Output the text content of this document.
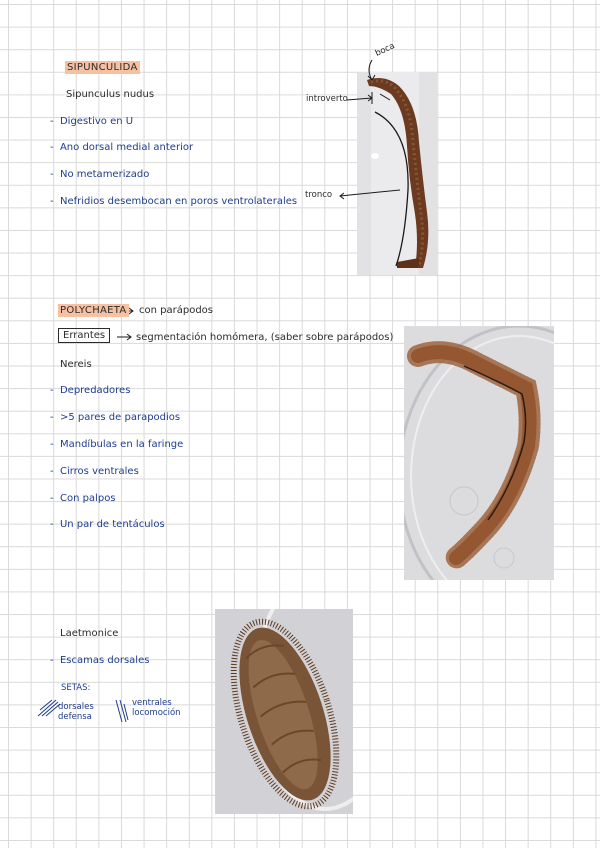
SIPUNCULIDA
Sipunculus nudus
-  Digestivo en U
-  Ano dorsal medial anterior
-  No metamerizado
-  Nefridios desembocan en poros ventrolaterales
boca
introverto
tronco
POLYCHAETA con parápodos
Errantes	segmentación homómera, (saber sobre parápodos)
Nereis
-  Depredadores
-  >5 pares de parapodios
-  Mandíbulas en la faringe
-  Cirros ventrales
-  Con palpos
-  Un par de tentáculos
Laetmonice
-  Escamas dorsales
SETAS:
dorsales defensa
ventrales locomoción
